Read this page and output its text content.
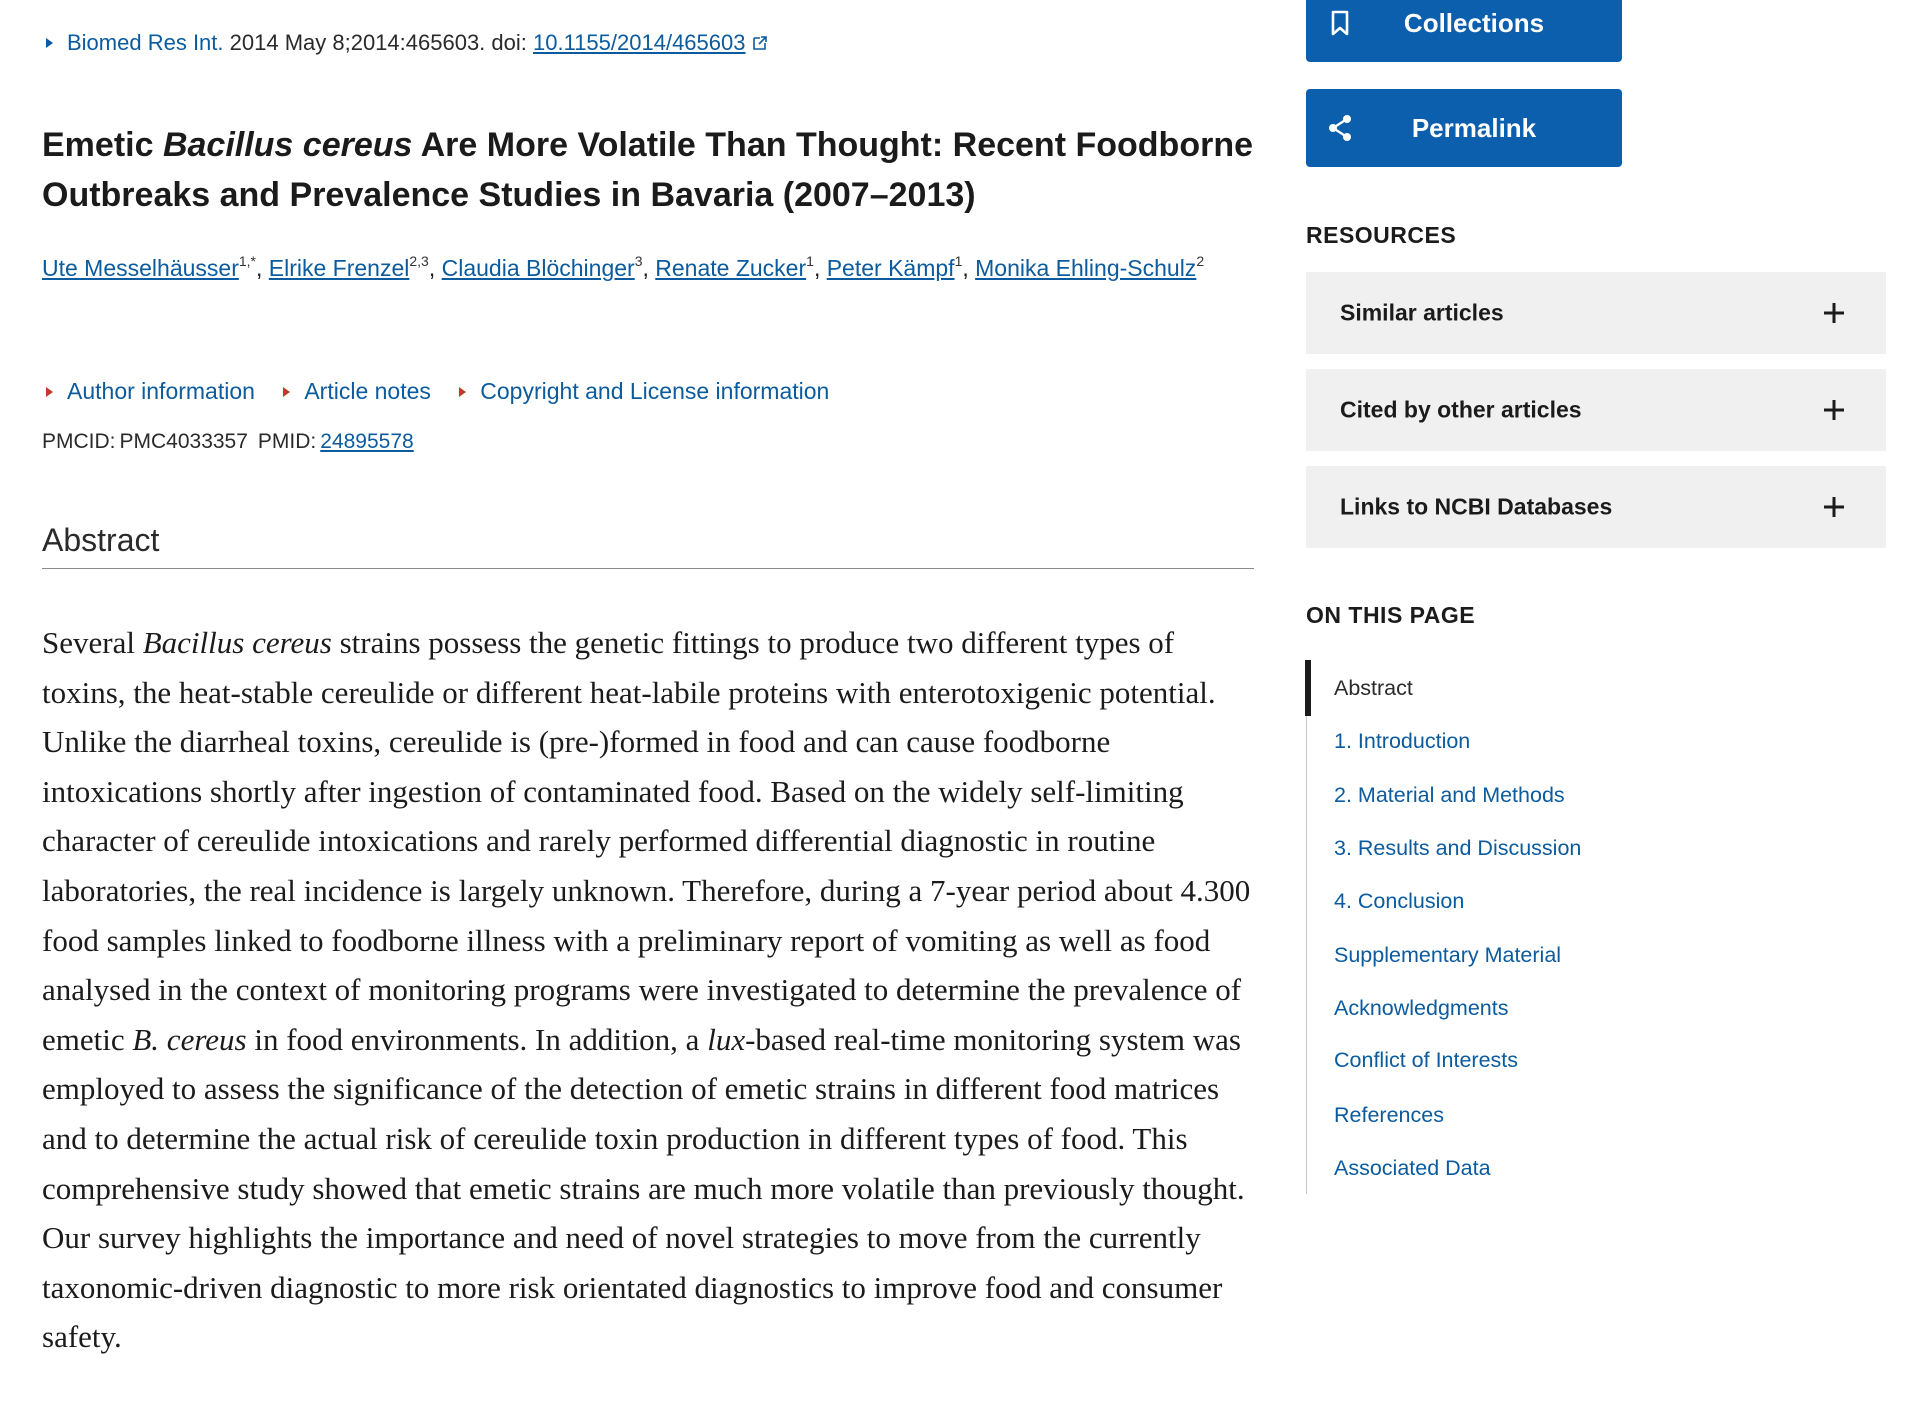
Biomed Res Int. 2014 May 8;2014:465603. doi: 10.1155/2014/465603
Emetic Bacillus cereus Are More Volatile Than Thought: Recent Foodborne Outbreaks and Prevalence Studies in Bavaria (2007–2013)
Ute Messelhäusser$^{1,*}$, Elrike Frenzel$^{2,3}$, Claudia Blöchinger$^3$, Renate Zucker$^1$, Peter Kämpf$^1$, Monika Ehling-Schulz$^2$
Author information Article notes Copyright and License information
PMCID: PMC4033357 PMID: 24895578
Abstract

Several Bacillus cereus strains possess the genetic fittings to produce two different types of toxins, the heat-stable cereulide or different heat-labile proteins with enterotoxigenic potential. Unlike the diarrheal toxins, cereulide is (pre-)formed in food and can cause foodborne intoxications shortly after ingestion of contaminated food. Based on the widely self-limiting character of cereulide intoxications and rarely performed differential diagnostic in routine laboratories, the real incidence is largely unknown. Therefore, during a 7-year period about 4.300 food samples linked to foodborne illness with a preliminary report of vomiting as well as food analysed in the context of monitoring programs were investigated to determine the prevalence of emetic B. cereus in food environments. In addition, a lux-based real-time monitoring system was employed to assess the significance of the detection of emetic strains in different food matrices and to determine the actual risk of cereulide toxin production in different types of food. This comprehensive study showed that emetic strains are much more volatile than previously thought. Our survey highlights the importance and need of novel strategies to move from the currently taxonomic-driven diagnostic to more risk orientated diagnostics to improve food and consumer safety.

Collections
Permalink
RESOURCES
Similar articles
Cited by other articles
Links to NCBI Databases
ON THIS PAGE
Abstract
1. Introduction
2. Material and Methods
3. Results and Discussion
4. Conclusion
Supplementary Material
Acknowledgments
Conflict of Interests
References
Associated Data
